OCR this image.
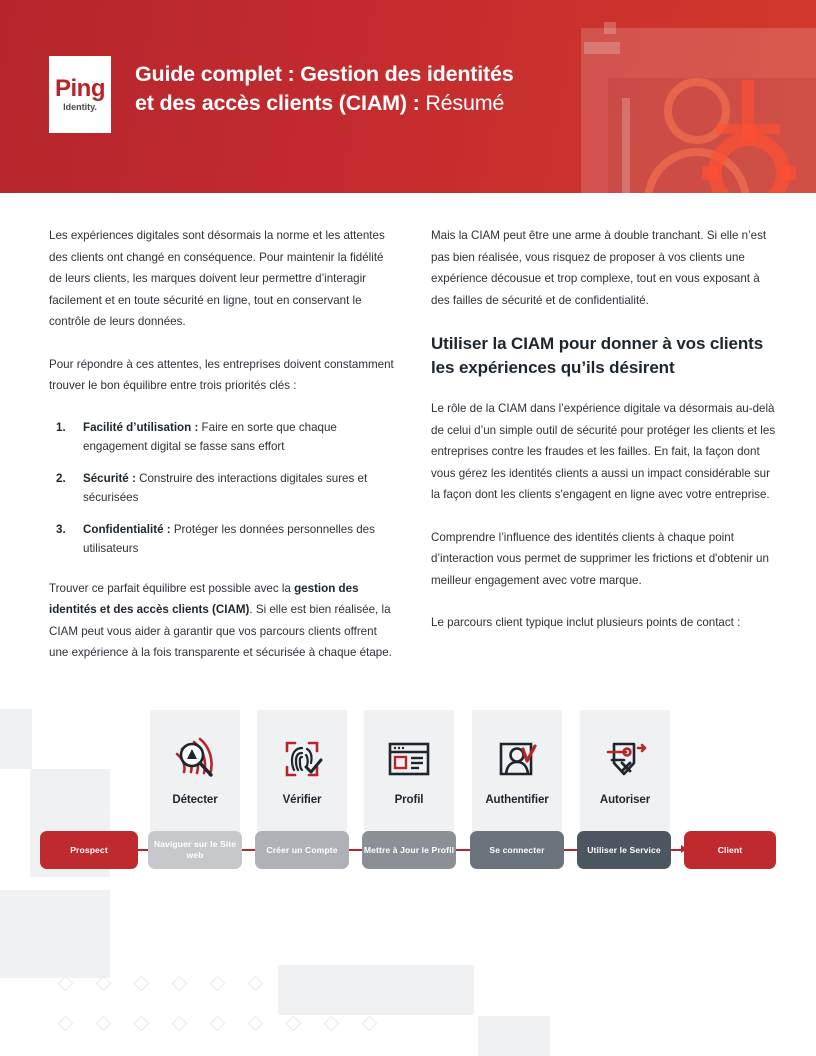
Ping
Identity.
Guide complet : Gestion des identités et des accès clients (CIAM) : Résumé

Les expériences digitales sont désormais la norme et les attentes des clients ont changé en conséquence. Pour maintenir la fidélité de leurs clients, les marques doivent leur permettre d’interagir facilement et en toute sécurité en ligne, tout en conservant le contrôle de leurs données.

Pour répondre à ces attentes, les entreprises doivent constamment trouver le bon équilibre entre trois priorités clés :

Facilité d’utilisation : Faire en sorte que chaque engagement digital se fasse sans effort
Sécurité : Construire des interactions digitales sures et sécurisées
Confidentialité : Protéger les données personnelles des utilisateurs

Trouver ce parfait équilibre est possible avec la gestion des identités et des accès clients (CIAM). Si elle est bien réalisée, la CIAM peut vous aider à garantir que vos parcours clients offrent une expérience à la fois transparente et sécurisée à chaque étape.

Mais la CIAM peut être une arme à double tranchant. Si elle n’est pas bien réalisée, vous risquez de proposer à vos clients une expérience décousue et trop complexe, tout en vous exposant à des failles de sécurité et de confidentialité.

Utiliser la CIAM pour donner à vos clients les expériences qu’ils désirent

Le rôle de la CIAM dans l’expérience digitale va désormais au-delà de celui d’un simple outil de sécurité pour protéger les clients et les entreprises contre les fraudes et les failles. En fait, la façon dont vous gérez les identités clients a aussi un impact considérable sur la façon dont les clients s'engagent en ligne avec votre entreprise.

Comprendre l’influence des identités clients à chaque point d’interaction vous permet de supprimer les frictions et d'obtenir un meilleur engagement avec votre marque.

Le parcours client typique inclut plusieurs points de contact :

Détecter	Vérifier	Profil	Authentifier	Autoriser
Prospect
Naviguer sur le Site web
Créer un Compte	Mettre à Jour le Profil	Se connecter	Utiliser le Service	Client
